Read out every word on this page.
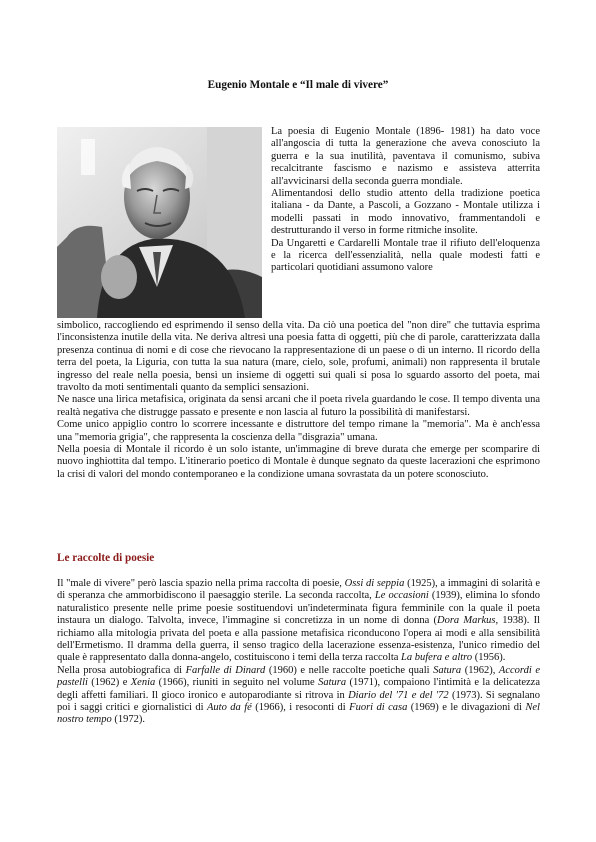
Eugenio Montale e “Il male di vivere”

La poesia di Eugenio Montale (1896- 1981) ha dato voce all'angoscia di tutta la generazione che aveva conosciuto la guerra e la sua inutilità, paventava il comunismo, subiva recalcitrante fascismo e nazismo e assisteva atterrita all'avvicinarsi della seconda guerra mondiale.

Alimentandosi dello studio attento della tradizione poetica italiana - da Dante, a Pascoli, a Gozzano - Montale utilizza i modelli passati in modo innovativo, frammentandoli e destrutturando il verso in forme ritmiche insolite.

Da Ungaretti e Cardarelli Montale trae il rifiuto dell'eloquenza e la ricerca dell'essenzialità, nella quale modesti fatti e particolari quotidiani assumono valore

simbolico, raccogliendo ed esprimendo il senso della vita. Da ciò una poetica del "non dire" che tuttavia esprima l'inconsistenza inutile della vita. Ne deriva altresì una poesia fatta di oggetti, più che di parole, caratterizzata dalla presenza continua di nomi e di cose che rievocano la rappresentazione di un paese o di un interno. Il ricordo della terra del poeta, la Liguria, con tutta la sua natura (mare, cielo, sole, profumi, animali) non rappresenta il brutale ingresso del reale nella poesia, bensì un insieme di oggetti sui quali si posa lo sguardo assorto del poeta, mai travolto da moti sentimentali quanto da semplici sensazioni.

Ne nasce una lirica metafisica, originata da sensi arcani che il poeta rivela guardando le cose. Il tempo diventa una realtà negativa che distrugge passato e presente e non lascia al futuro la possibilità di manifestarsi.

Come unico appiglio contro lo scorrere incessante e distruttore del tempo rimane la "memoria". Ma è anch'essa una "memoria grigia", che rappresenta la coscienza della "disgrazia" umana.

Nella poesia di Montale il ricordo è un solo istante, un'immagine di breve durata che emerge per scomparire di nuovo inghiottita dal tempo. L'itinerario poetico di Montale è dunque segnato da queste lacerazioni che esprimono la crisi di valori del mondo contemporaneo e la condizione umana sovrastata da un potere sconosciuto.

Le raccolte di poesie

Il "male di vivere" però lascia spazio nella prima raccolta di poesie, Ossi di seppia (1925), a immagini di solarità e di speranza che ammorbidiscono il paesaggio sterile. La seconda raccolta, Le occasioni (1939), elimina lo sfondo naturalistico presente nelle prime poesie sostituendovi un'indeterminata figura femminile con la quale il poeta instaura un dialogo. Talvolta, invece, l'immagine si concretizza in un nome di donna (Dora Markus, 1938). Il richiamo alla mitologia privata del poeta e alla passione metafisica riconducono l'opera ai modi e alla sensibilità dell'Ermetismo. Il dramma della guerra, il senso tragico della lacerazione essenza-esistenza, l'unico rimedio del quale è rappresentato dalla donna-angelo, costituiscono i temi della terza raccolta La bufera e altro (1956).

Nella prosa autobiografica di Farfalle di Dinard (1960) e nelle raccolte poetiche quali Satura (1962), Accordi e pastelli (1962) e Xenia (1966), riuniti in seguito nel volume Satura (1971), compaiono l'intimità e la delicatezza degli affetti familiari. Il gioco ironico e autoparodiante si ritrova in Diario del '71 e del '72 (1973). Si segnalano poi i saggi critici e giornalistici di Auto da fé (1966), i resoconti di Fuori di casa (1969) e le divagazioni di Nel nostro tempo (1972).
